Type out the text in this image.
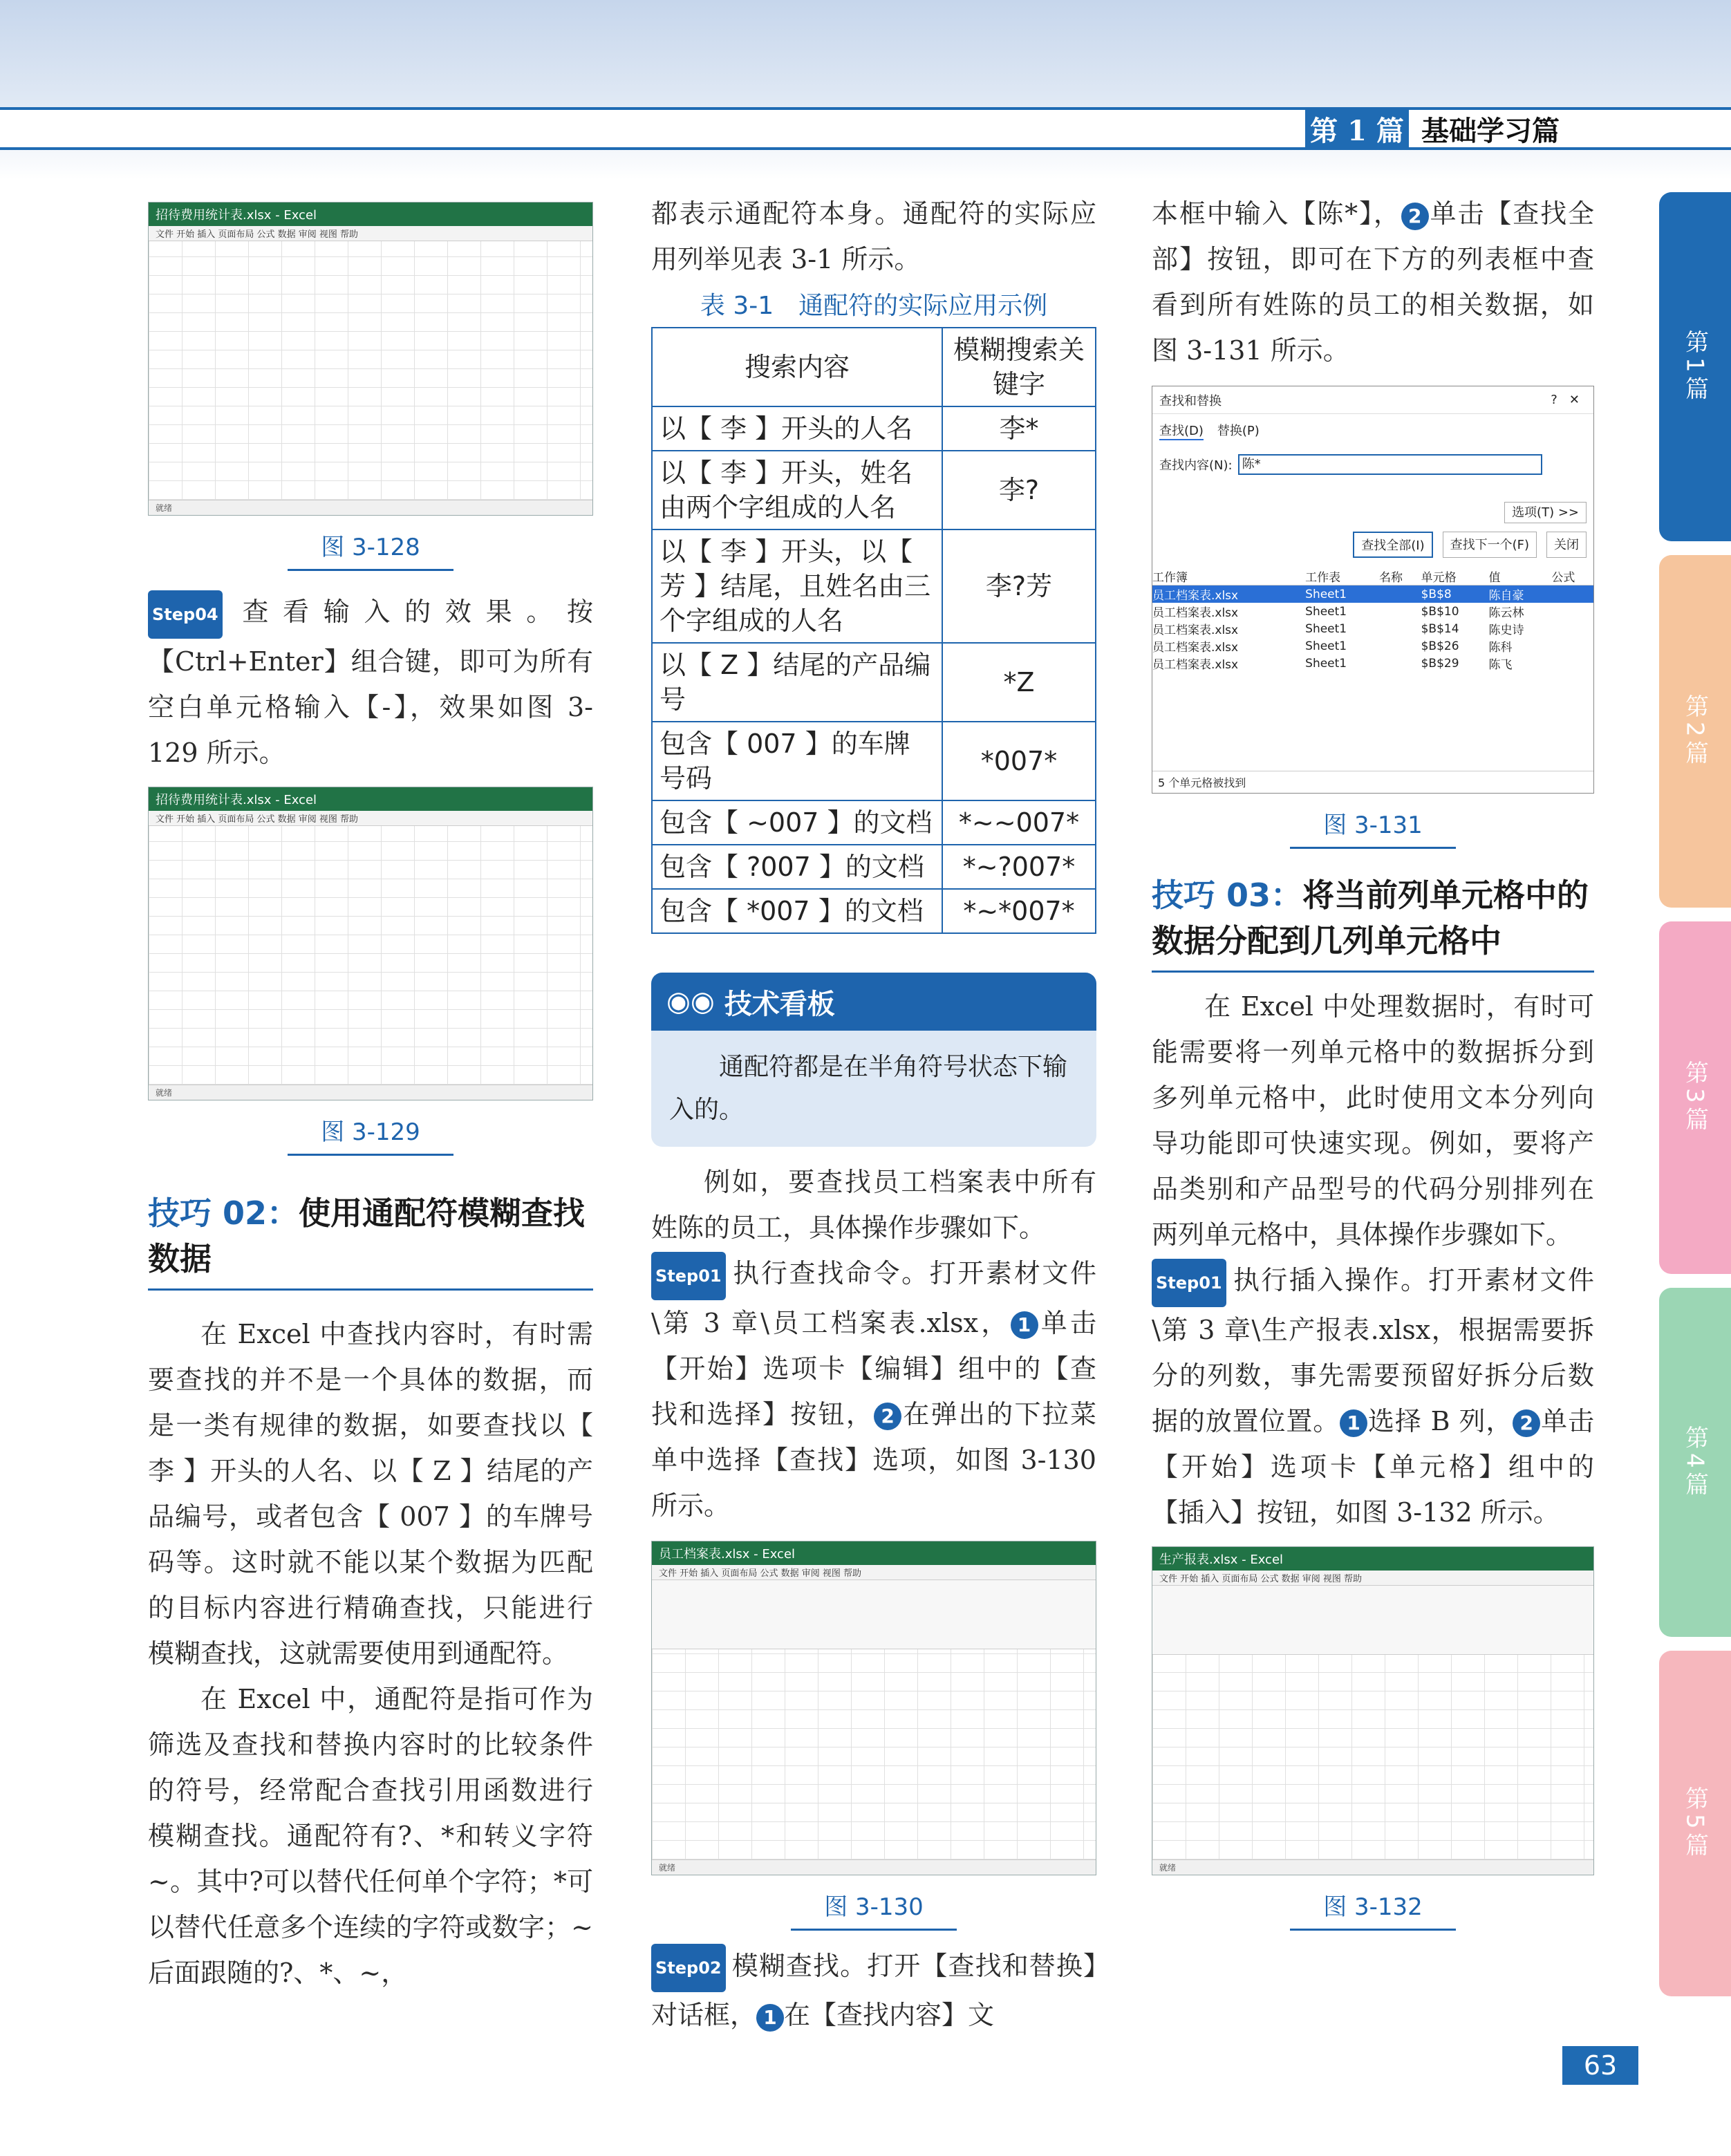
第 1 篇 基础学习篇
第1篇
第2篇
第3篇
第4篇
第5篇
招待费用统计表.xlsx - Excel
文件 开始 插入 页面布局 公式 数据 审阅 视图 帮助
就绪
图 3-128

Step04 查看输入的效果。按【Ctrl+Enter】组合键，即可为所有空白单元格输入【-】，效果如图 3-129 所示。

招待费用统计表.xlsx - Excel
文件 开始 插入 页面布局 公式 数据 审阅 视图 帮助
就绪
图 3-129
技巧 02：使用通配符模糊查找数据

在 Excel 中查找内容时，有时需要查找的并不是一个具体的数据，而是一类有规律的数据，如要查找以【 李 】开头的人名、以【 Z 】结尾的产品编号，或者包含【 007 】的车牌号码等。这时就不能以某个数据为匹配的目标内容进行精确查找，只能进行模糊查找，这就需要使用到通配符。

在 Excel 中，通配符是指可作为筛选及查找和替换内容时的比较条件的符号，经常配合查找引用函数进行模糊查找。通配符有?、*和转义字符~。其中?可以替代任何单个字符；*可以替代任意多个连续的字符或数字；~后面跟随的?、*、~，

都表示通配符本身。通配符的实际应用列举见表 3-1 所示。

表 3-1　通配符的实际应用示例
搜索内容	模糊搜索关键字
以【 李 】开头的人名	李*
以【 李 】开头，姓名由两个字组成的人名	李?
以【 李 】开头，以【 芳 】结尾，且姓名由三个字组成的人名	李?芳
以【 Z 】结尾的产品编号	*Z
包含【 007 】的车牌号码	*007*
包含【 ~007 】的文档	*~~007*
包含【 ?007 】的文档	*~?007*
包含【 *007 】的文档	*~*007*
◉◉ 技术看板
通配符都是在半角符号状态下输入的。

例如，要查找员工档案表中所有姓陈的员工，具体操作步骤如下。

Step01 执行查找命令。打开素材文件\第 3 章\员工档案表.xlsx， 1 单击【开始】选项卡【编辑】组中的【查找和选择】按钮， 2 在弹出的下拉菜单中选择【查找】选项，如图 3-130 所示。

员工档案表.xlsx - Excel
文件 开始 插入 页面布局 公式 数据 审阅 视图 帮助
就绪
图 3-130

Step02 模糊查找。打开【查找和替换】对话框， 1 在【查找内容】文

本框中输入【陈*】， 2 单击【查找全部】按钮，即可在下方的列表框中查看到所有姓陈的员工的相关数据，如图 3-131 所示。

查找和替换	?   ✕
查找(D) 替换(P)
查找内容(N): 陈*
选项(T) >>
查找全部(I)	查找下一个(F)	关闭
工作簿	工作表	名称	单元格	值	公式
员工档案表.xlsx	Sheet1		$B$8	陈自豪	
员工档案表.xlsx	Sheet1		$B$10	陈云林	
员工档案表.xlsx	Sheet1		$B$14	陈史诗	
员工档案表.xlsx	Sheet1		$B$26	陈科	
员工档案表.xlsx	Sheet1		$B$29	陈飞	
5 个单元格被找到
图 3-131
技巧 03：将当前列单元格中的数据分配到几列单元格中

在 Excel 中处理数据时，有时可能需要将一列单元格中的数据拆分到多列单元格中，此时使用文本分列向导功能即可快速实现。例如，要将产品类别和产品型号的代码分别排列在两列单元格中，具体操作步骤如下。

Step01 执行插入操作。打开素材文件\第 3 章\生产报表.xlsx，根据需要拆分的列数，事先需要预留好拆分后数据的放置位置。 1 选择 B 列， 2 单击【开始】选项卡【单元格】组中的【插入】按钮，如图 3-132 所示。

生产报表.xlsx - Excel
文件 开始 插入 页面布局 公式 数据 审阅 视图 帮助
就绪
图 3-132
63
